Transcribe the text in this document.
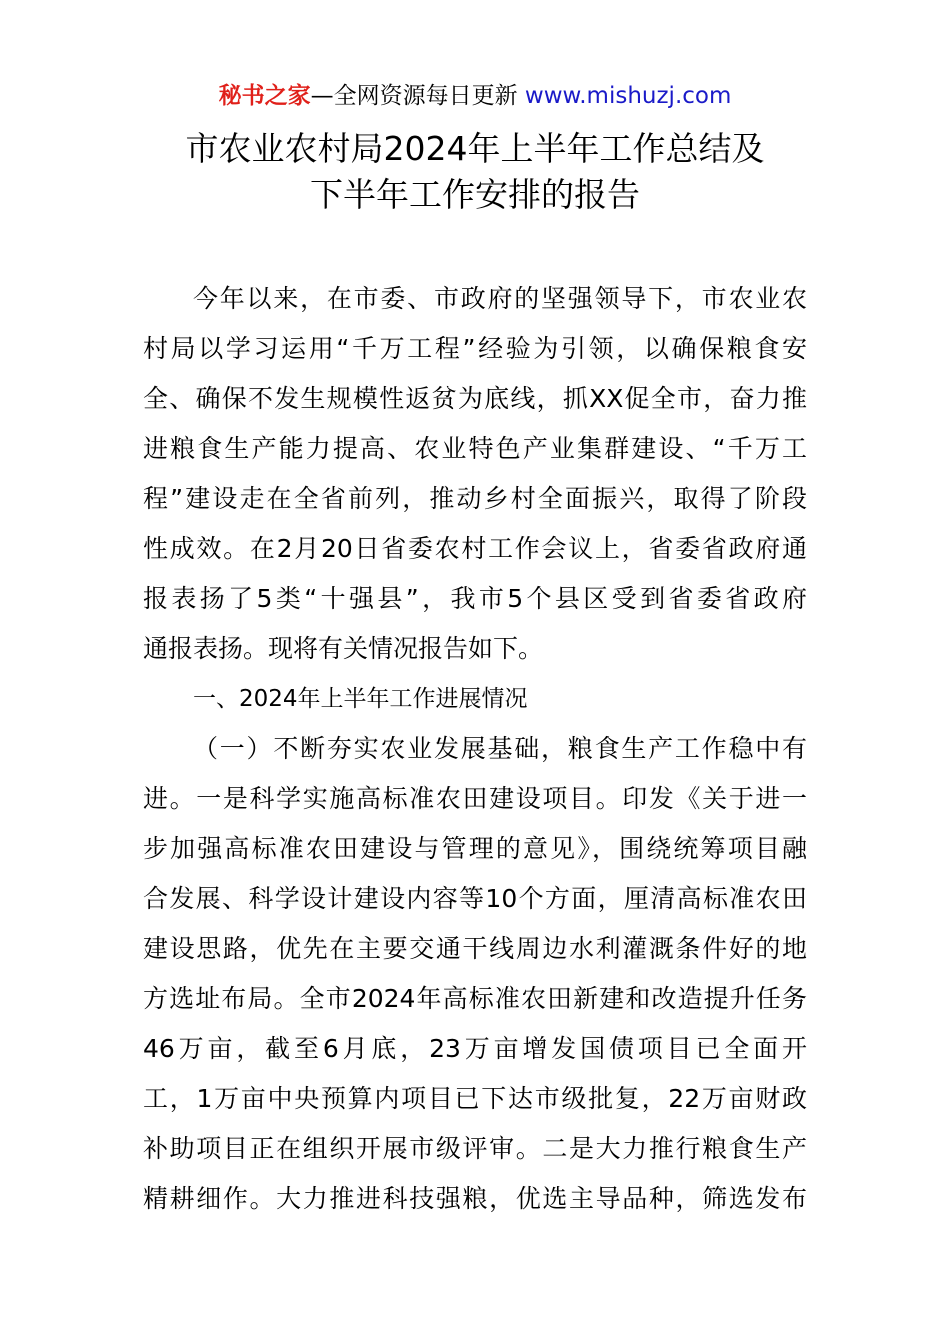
秘书之家—全网资源每日更新 www.mishuzj.com
市农业农村局2024年上半年工作总结及
下半年工作安排的报告
今年以来，在市委、市政府的坚强领导下，市农业农
村局以学习运用“千万工程”经验为引领，以确保粮食安
全、确保不发生规模性返贫为底线，抓XX促全市，奋力推
进粮食生产能力提高、农业特色产业集群建设、“千万工
程”建设走在全省前列，推动乡村全面振兴，取得了阶段
性成效。在2月20日省委农村工作会议上，省委省政府通
报表扬了5类“十强县”，我市5个县区受到省委省政府
通报表扬。现将有关情况报告如下。
一、2024年上半年工作进展情况
（一）不断夯实农业发展基础，粮食生产工作稳中有
进。一是科学实施高标准农田建设项目。印发《关于进一
步加强高标准农田建设与管理的意见》，围绕统筹项目融
合发展、科学设计建设内容等10个方面，厘清高标准农田
建设思路，优先在主要交通干线周边水利灌溉条件好的地
方选址布局。全市2024年高标准农田新建和改造提升任务
46万亩，截至6月底，23万亩增发国债项目已全面开
工，1万亩中央预算内项目已下达市级批复，22万亩财政
补助项目正在组织开展市级评审。二是大力推行粮食生产
精耕细作。大力推进科技强粮，优选主导品种，筛选发布
